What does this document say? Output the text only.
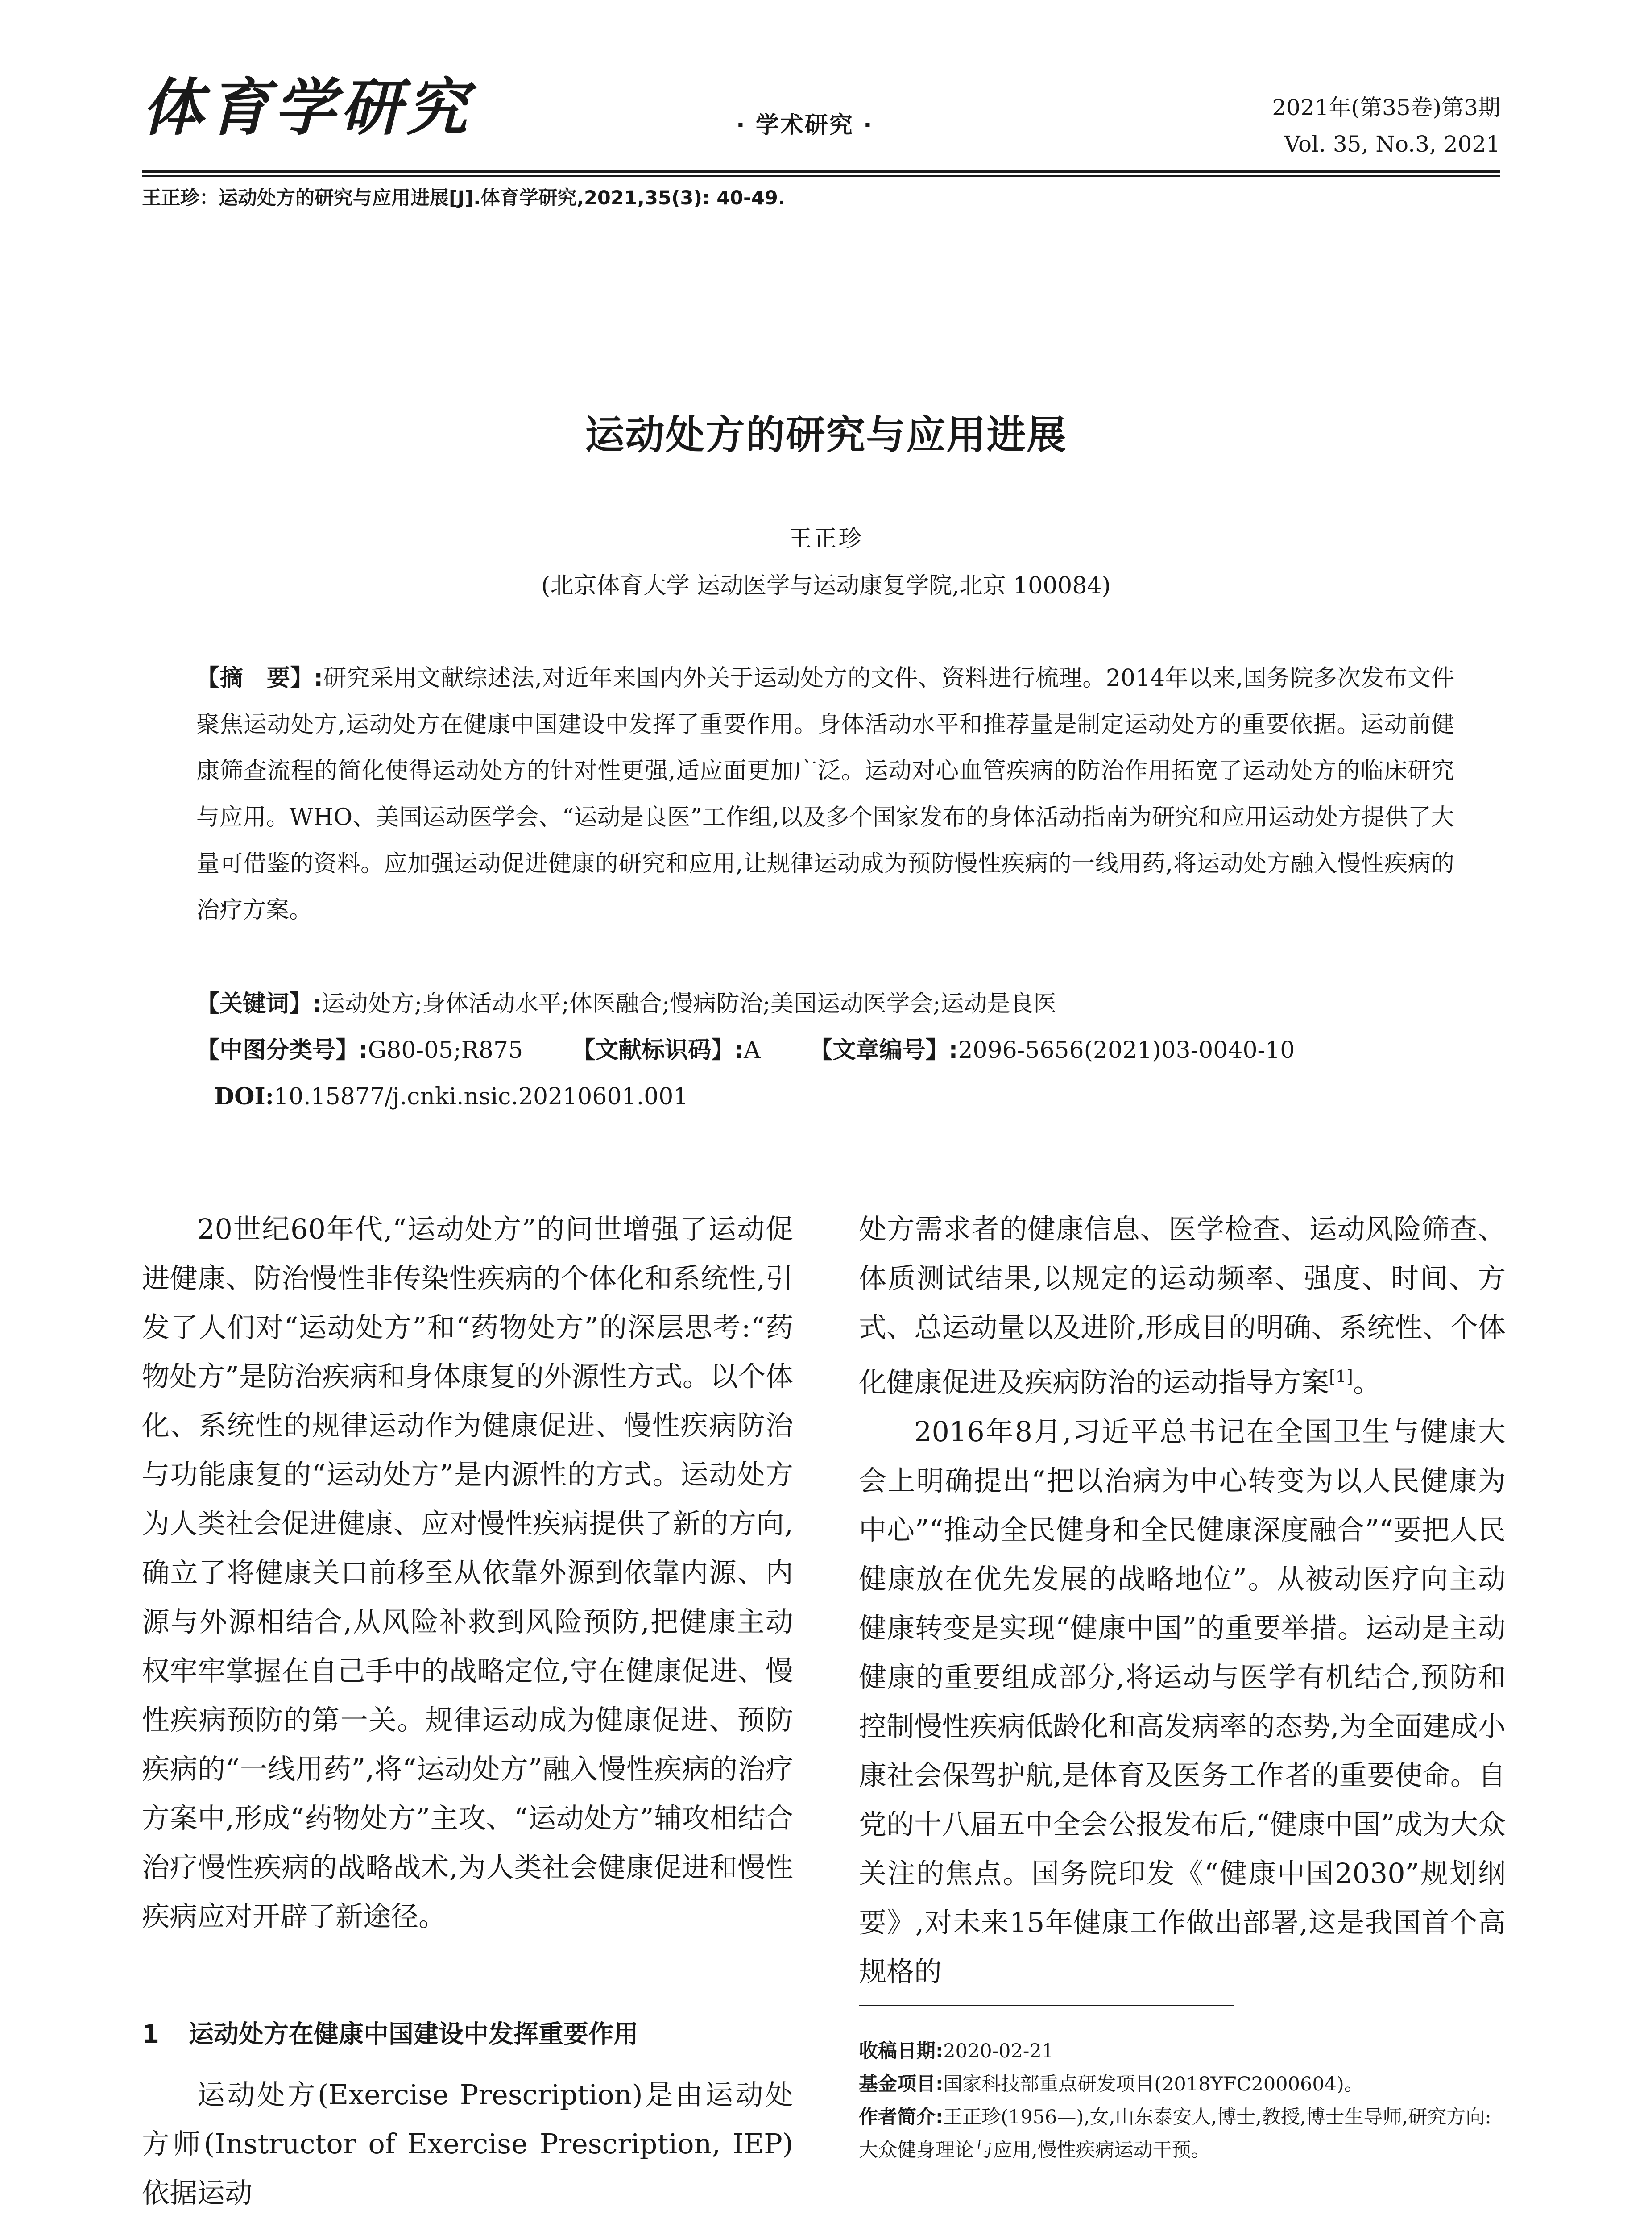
体育学研究	· 学术研究 ·
2021年(第35卷)第3期
Vol. 35, No.3, 2021
王正珍：运动处方的研究与应用进展[J].体育学研究,2021,35(3): 40-49.
运动处方的研究与应用进展
王正珍
(北京体育大学 运动医学与运动康复学院,北京 100084)
【摘　要】:研究采用文献综述法,对近年来国内外关于运动处方的文件、资料进行梳理。2014年以来,国务院多次发布文件聚焦运动处方,运动处方在健康中国建设中发挥了重要作用。身体活动水平和推荐量是制定运动处方的重要依据。运动前健康筛查流程的简化使得运动处方的针对性更强,适应面更加广泛。运动对心血管疾病的防治作用拓宽了运动处方的临床研究与应用。WHO、美国运动医学会、“运动是良医”工作组,以及多个国家发布的身体活动指南为研究和应用运动处方提供了大量可借鉴的资料。应加强运动促进健康的研究和应用,让规律运动成为预防慢性疾病的一线用药,将运动处方融入慢性疾病的治疗方案。
【关键词】:运动处方;身体活动水平;体医融合;慢病防治;美国运动医学会;运动是良医
【中图分类号】:G80-05;R875 【文献标识码】:A 【文章编号】:2096-5656(2021)03-0040-10
DOI:10.15877/j.cnki.nsic.20210601.001

20世纪60年代,“运动处方”的问世增强了运动促进健康、防治慢性非传染性疾病的个体化和系统性,引发了人们对“运动处方”和“药物处方”的深层思考:“药物处方”是防治疾病和身体康复的外源性方式。以个体化、系统性的规律运动作为健康促进、慢性疾病防治与功能康复的“运动处方”是内源性的方式。运动处方为人类社会促进健康、应对慢性疾病提供了新的方向,确立了将健康关口前移至从依靠外源到依靠内源、内源与外源相结合,从风险补救到风险预防,把健康主动权牢牢掌握在自己手中的战略定位,守在健康促进、慢性疾病预防的第一关。规律运动成为健康促进、预防疾病的“一线用药”,将“运动处方”融入慢性疾病的治疗方案中,形成“药物处方”主攻、“运动处方”辅攻相结合治疗慢性疾病的战略战术,为人类社会健康促进和慢性疾病应对开辟了新途径。

1 运动处方在健康中国建设中发挥重要作用

运动处方(Exercise Prescription)是由运动处方师(Instructor of Exercise Prescription, IEP)依据运动

处方需求者的健康信息、医学检查、运动风险筛查、体质测试结果,以规定的运动频率、强度、时间、方式、总运动量以及进阶,形成目的明确、系统性、个体化健康促进及疾病防治的运动指导方案[1]。

2016年8月,习近平总书记在全国卫生与健康大会上明确提出“把以治病为中心转变为以人民健康为中心”“推动全民健身和全民健康深度融合”“要把人民健康放在优先发展的战略地位”。从被动医疗向主动健康转变是实现“健康中国”的重要举措。运动是主动健康的重要组成部分,将运动与医学有机结合,预防和控制慢性疾病低龄化和高发病率的态势,为全面建成小康社会保驾护航,是体育及医务工作者的重要使命。自党的十八届五中全会公报发布后,“健康中国”成为大众关注的焦点。国务院印发《“健康中国2030”规划纲要》,对未来15年健康工作做出部署,这是我国首个高规格的

收稿日期:2020-02-21

基金项目:国家科技部重点研发项目(2018YFC2000604)。

作者简介:王正珍(1956—),女,山东泰安人,博士,教授,博士生导师,研究方向:大众健身理论与应用,慢性疾病运动干预。
